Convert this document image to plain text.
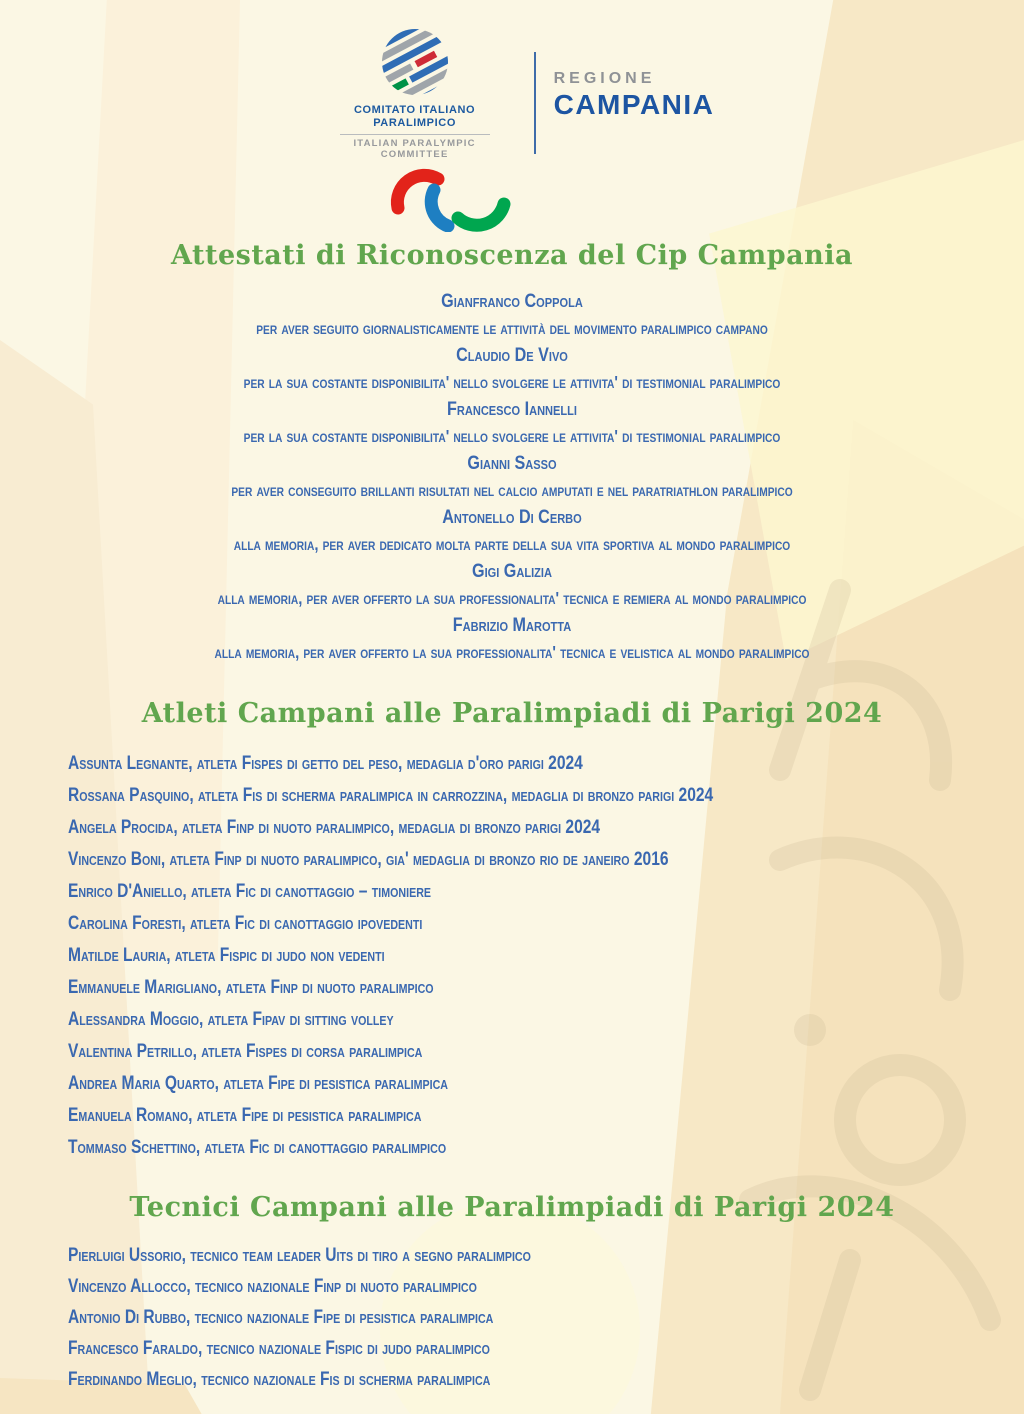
COMITATO ITALIANO
PARALIMPICO
ITALIAN PARALYMPIC
COMMITTEE
REGIONE
CAMPANIA
Attestati di Riconoscenza del Cip Campania
Gianfranco Coppola
per aver seguito giornalisticamente le attività del movimento paralimpico campano
Claudio De Vivo
per la sua costante disponibilita' nello svolgere le attivita' di testimonial paralimpico
Francesco Iannelli
per la sua costante disponibilita' nello svolgere le attivita' di testimonial paralimpico
Gianni Sasso
per aver conseguito brillanti risultati nel calcio amputati e nel paratriathlon paralimpico
Antonello Di Cerbo
alla memoria, per aver dedicato molta parte della sua vita sportiva al mondo paralimpico
Gigi Galizia
alla memoria, per aver offerto la sua professionalita' tecnica e remiera al mondo paralimpico
Fabrizio Marotta
alla memoria, per aver offerto la sua professionalita' tecnica e velistica al mondo paralimpico
Atleti Campani alle Paralimpiadi di Parigi 2024
Assunta Legnante, atleta Fispes di getto del peso, medaglia d'oro parigi 2024
Rossana Pasquino, atleta Fis di scherma paralimpica in carrozzina, medaglia di bronzo parigi 2024
Angela Procida, atleta Finp di nuoto paralimpico, medaglia di bronzo parigi 2024
Vincenzo Boni, atleta Finp di nuoto paralimpico, gia' medaglia di bronzo rio de janeiro 2016
Enrico D'Aniello, atleta Fic di canottaggio – timoniere
Carolina Foresti, atleta Fic di canottaggio ipovedenti
Matilde Lauria, atleta Fispic di judo non vedenti
Emmanuele Marigliano, atleta Finp di nuoto paralimpico
Alessandra Moggio, atleta Fipav di sitting volley
Valentina Petrillo, atleta Fispes di corsa paralimpica
Andrea Maria Quarto, atleta Fipe di pesistica paralimpica
Emanuela Romano, atleta Fipe di pesistica paralimpica
Tommaso Schettino, atleta Fic di canottaggio paralimpico
Tecnici Campani alle Paralimpiadi di Parigi 2024
Pierluigi Ussorio, tecnico team leader Uits di tiro a segno paralimpico
Vincenzo Allocco, tecnico nazionale Finp di nuoto paralimpico
Antonio Di Rubbo, tecnico nazionale Fipe di pesistica paralimpica
Francesco Faraldo, tecnico nazionale Fispic di judo paralimpico
Ferdinando Meglio, tecnico nazionale Fis di scherma paralimpica
